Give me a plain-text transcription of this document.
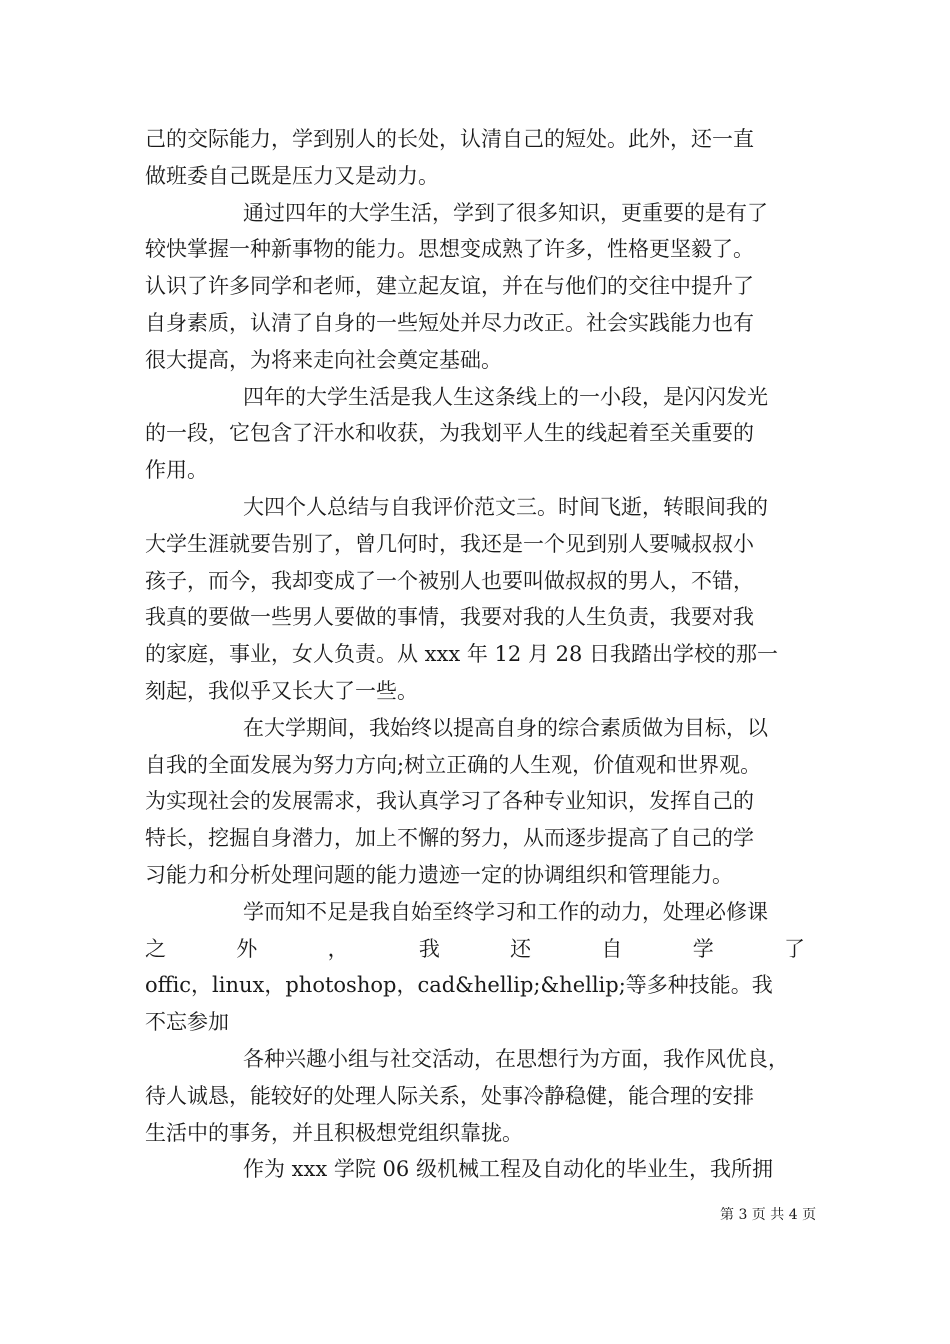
己的交际能力，学到别人的长处，认清自己的短处。此外，还一直
做班委自己既是压力又是动力。
通过四年的大学生活，学到了很多知识，更重要的是有了
较快掌握一种新事物的能力。思想变成熟了许多，性格更坚毅了。
认识了许多同学和老师，建立起友谊，并在与他们的交往中提升了
自身素质，认清了自身的一些短处并尽力改正。社会实践能力也有
很大提高，为将来走向社会奠定基础。
四年的大学生活是我人生这条线上的一小段，是闪闪发光
的一段，它包含了汗水和收获，为我划平人生的线起着至关重要的
作用。
大四个人总结与自我评价范文三。时间飞逝，转眼间我的
大学生涯就要告别了，曾几何时，我还是一个见到别人要喊叔叔小
孩子，而今，我却变成了一个被别人也要叫做叔叔的男人，不错，
我真的要做一些男人要做的事情，我要对我的人生负责，我要对我
的家庭，事业，女人负责。从 xxx 年 12 月 28 日我踏出学校的那一
刻起，我似乎又长大了一些。
在大学期间，我始终以提高自身的综合素质做为目标，以
自我的全面发展为努力方向;树立正确的人生观，价值观和世界观。
为实现社会的发展需求，我认真学习了各种专业知识，发挥自己的
特长，挖掘自身潜力，加上不懈的努力，从而逐步提高了自己的学
习能力和分析处理问题的能力遗迹一定的协调组织和管理能力。
学而知不足是我自始至终学习和工作的动力，处理必修课
之	外	，	我	还	自	学	了
offic，linux，photoshop，cad&hellip;&hellip;等多种技能。我
不忘参加
各种兴趣小组与社交活动，在思想行为方面，我作风优良，
待人诚恳，能较好的处理人际关系，处事冷静稳健，能合理的安排
生活中的事务，并且积极想党组织靠拢。
作为 xxx 学院 06 级机械工程及自动化的毕业生，我所拥
第 3 页 共 4 页
